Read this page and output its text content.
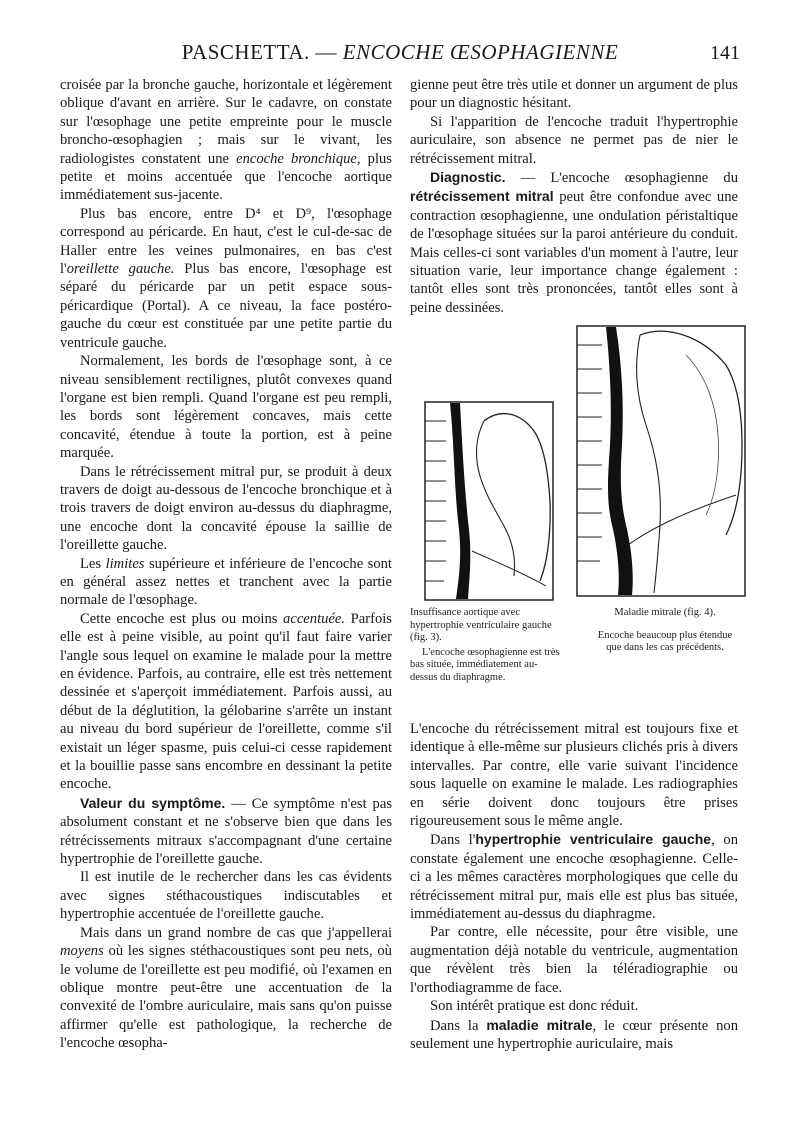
PASCHETTA. — ENCOCHE ŒSOPHAGIENNE	141

croisée par la bronche gauche, horizontale et légèrement oblique d'avant en arrière. Sur le cadavre, on constate sur l'œsophage une petite empreinte pour le muscle broncho-œsophagien ; mais sur le vivant, les radiologistes constatent une encoche bronchique, plus petite et moins accentuée que l'encoche aortique immédiatement sus-jacente.

Plus bas encore, entre D⁴ et D⁹, l'œsophage correspond au péricarde. En haut, c'est le cul-de-sac de Haller entre les veines pulmonaires, en bas c'est l'oreillette gauche. Plus bas encore, l'œsophage est séparé du péricarde par un petit espace sous-péricardique (Portal). A ce niveau, la face postéro-gauche du cœur est constituée par une petite partie du ventricule gauche.

Normalement, les bords de l'œsophage sont, à ce niveau sensiblement rectilignes, plutôt convexes quand l'organe est bien rempli. Quand l'organe est peu rempli, les bords sont légèrement concaves, mais cette concavité, étendue à toute la portion, est à peine marquée.

Dans le rétrécissement mitral pur, se produit à deux travers de doigt au-dessous de l'encoche bronchique et à trois travers de doigt environ au-dessus du diaphragme, une encoche dont la concavité épouse la saillie de l'oreillette gauche.

Les limites supérieure et inférieure de l'encoche sont en général assez nettes et tranchent avec la partie normale de l'œsophage.

Cette encoche est plus ou moins accentuée. Parfois elle est à peine visible, au point qu'il faut faire varier l'angle sous lequel on examine le malade pour la mettre en évidence. Parfois, au contraire, elle est très nettement dessinée et s'aperçoit immédiatement. Parfois aussi, au début de la déglutition, la gélobarine s'arrête un instant au niveau du bord supérieur de l'oreillette, comme s'il existait un léger spasme, puis celui-ci cesse rapidement et la bouillie passe sans encombre en dessinant la petite encoche.

Valeur du symptôme. — Ce symptôme n'est pas absolument constant et ne s'observe bien que dans les rétrécissements mitraux s'accompagnant d'une certaine hypertrophie de l'oreillette gauche.

Il est inutile de le rechercher dans les cas évidents avec signes stéthacoustiques indiscutables et hypertrophie accentuée de l'oreillette gauche.

Mais dans un grand nombre de cas que j'appellerai moyens où les signes stéthacoustiques sont peu nets, où le volume de l'oreillette est peu modifié, où l'examen en oblique montre peut-être une accentuation de la convexité de l'ombre auriculaire, mais sans qu'on puisse affirmer qu'elle est pathologique, la recherche de l'encoche œsopha-

gienne peut être très utile et donner un argument de plus pour un diagnostic hésitant.

Si l'apparition de l'encoche traduit l'hypertrophie auriculaire, son absence ne permet pas de nier le rétrécissement mitral.

Diagnostic. — L'encoche œsophagienne du rétrécissement mitral peut être confondue avec une contraction œsophagienne, une ondulation péristaltique de l'œsophage situées sur la paroi antérieure du conduit. Mais celles-ci sont variables d'un moment à l'autre, leur situation varie, leur importance change également : tantôt elles sont très prononcées, tantôt elles sont à peine dessinées.

Insuffisance aortique avec hypertrophie ventriculaire gauche (fig. 3).

L'encoche œsophagienne est très bas située, immédiatement au-dessus du diaphragme.

Maladie mitrale (fig. 4).

Encoche beaucoup plus étendue que dans les cas précédents.

L'encoche du rétrécissement mitral est toujours fixe et identique à elle-même sur plusieurs clichés pris à divers intervalles. Par contre, elle varie suivant l'incidence sous laquelle on examine le malade. Les radiographies en série doivent donc toujours être prises rigoureusement sous le même angle.

Dans l'hypertrophie ventriculaire gauche, on constate également une encoche œsophagienne. Celle-ci a les mêmes caractères morphologiques que celle du rétrécissement mitral pur, mais elle est plus bas située, immédiatement au-dessus du diaphragme.

Par contre, elle nécessite, pour être visible, une augmentation déjà notable du ventricule, augmentation que révèlent très bien la téléradiographie ou l'orthodiagramme de face.

Son intérêt pratique est donc réduit.

Dans la maladie mitrale, le cœur présente non seulement une hypertrophie auriculaire, mais
